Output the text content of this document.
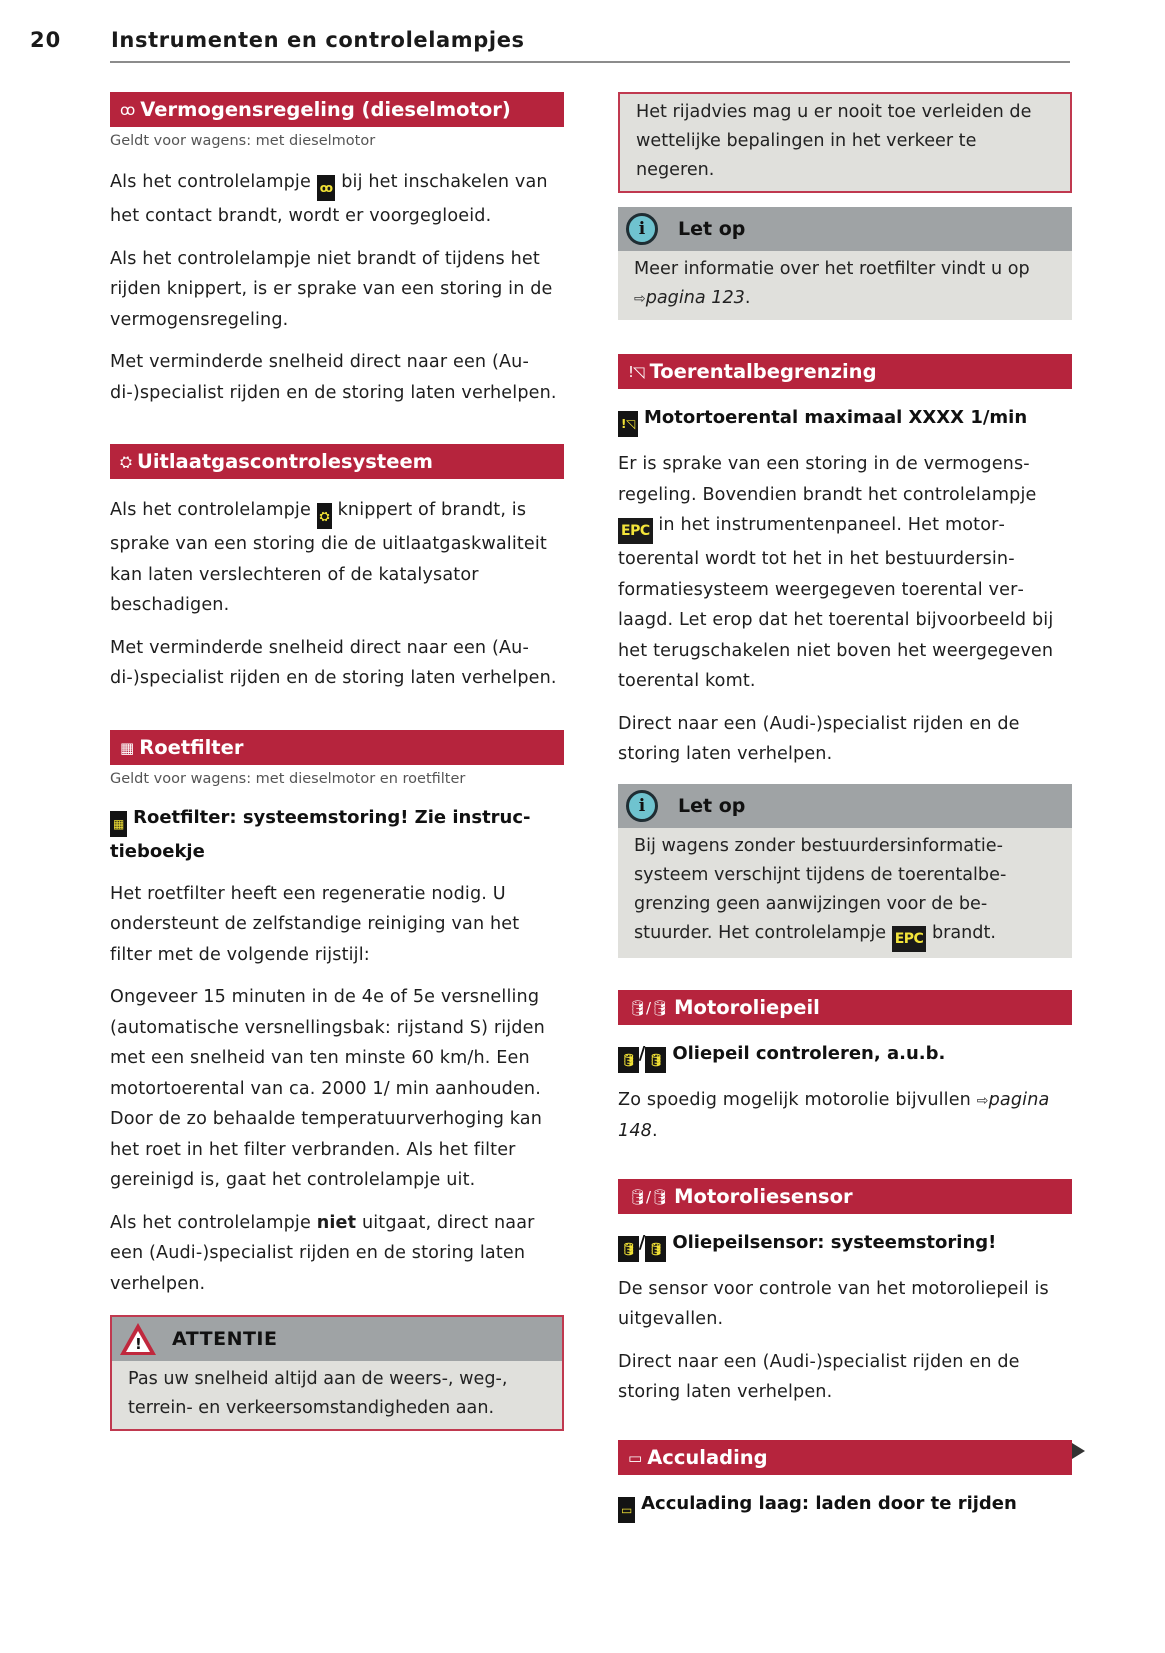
20 Instrumenten en controlelampjes
ꝏ Vermogensregeling (dieselmotor)
Geldt voor wagens: met dieselmotor

Als het controlelampje ꝏ bij het inschakelen van het contact brandt, wordt er voorgegloeid.

Als het controlelampje niet brandt of tijdens het rijden knippert, is er sprake van een storing in de vermogensregeling.

Met verminderde snelheid direct naar een (Audi-)specialist rijden en de storing laten verhelpen.

⛭ Uitlaatgascontrolesysteem

Als het controlelampje ⛭ knippert of brandt, is sprake van een storing die de uitlaatgaskwaliteit kan laten verslechteren of de katalysator beschadigen.

Met verminderde snelheid direct naar een (Audi-)specialist rijden en de storing laten verhelpen.

▦ Roetfilter
Geldt voor wagens: met dieselmotor en roetfilter
▦ Roetfilter: systeemstoring! Zie instructieboekje

Het roetfilter heeft een regeneratie nodig. U ondersteunt de zelfstandige reiniging van het filter met de volgende rijstijl:

Ongeveer 15 minuten in de 4e of 5e versnelling (automatische versnellingsbak: rijstand S) rijden met een snelheid van ten minste 60 km/h. Een motortoerental van ca. 2000 1/ min aanhouden. Door de zo behaalde temperatuurverhoging kan het roet in het filter verbranden. Als het filter gereinigd is, gaat het controlelampje uit.

Als het controlelampje niet uitgaat, direct naar een (Audi-)specialist rijden en de storing laten verhelpen.

! ATTENTIE
Pas uw snelheid altijd aan de weers-, weg-, terrein- en verkeersomstandigheden aan.
Het rijadvies mag u er nooit toe verleiden de wettelijke bepalingen in het verkeer te negeren.
i	Let op
Meer informatie over het roetfilter vindt u op ⇨pagina 123.
!◹ Toerentalbegrenzing
!◹ Motortoerental maximaal XXXX 1/min

Er is sprake van een storing in de vermogensregeling. Bovendien brandt het controlelampje EPC in het instrumentenpaneel. Het motortoerental wordt tot het in het bestuurdersinformatiesysteem weergegeven toerental verlaagd. Let erop dat het toerental bijvoorbeeld bij het terugschakelen niet boven het weergegeven toerental komt.

Direct naar een (Audi-)specialist rijden en de storing laten verhelpen.

i	Let op
Bij wagens zonder bestuurdersinformatiesysteem verschijnt tijdens de toerentalbegrenzing geen aanwijzingen voor de bestuurder. Het controlelampje EPC brandt.
🛢/🛢 Motoroliepeil
🛢 / 🛢 Oliepeil controleren, a.u.b.

Zo spoedig mogelijk motorolie bijvullen ⇨pagina 148.

🛢/🛢 Motoroliesensor
🛢 / 🛢 Oliepeilsensor: systeemstoring!

De sensor voor controle van het motoroliepeil is uitgevallen.

Direct naar een (Audi-)specialist rijden en de storing laten verhelpen.

▭ Acculading
▭ Acculading laag: laden door te rijden
